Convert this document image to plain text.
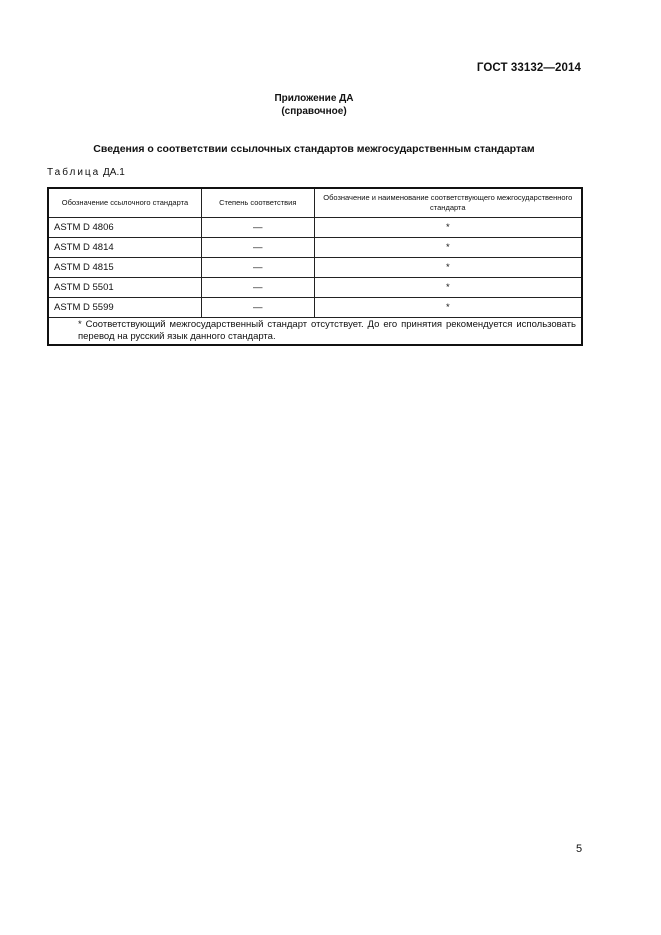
ГОСТ 33132—2014
Приложение ДА
(справочное)
Сведения о соответствии ссылочных стандартов межгосударственным стандартам
Таблица ДА.1
Обозначение ссылочного стандарта	Степень соответствия	Обозначение и наименование соответствующего межгосударственного стандарта
ASTM D 4806	—	*
ASTM D 4814	—	*
ASTM D 4815	—	*
ASTM D 5501	—	*
ASTM D 5599	—	*

* Соответствующий межгосударственный стандарт отсутствует. До его принятия рекомендуется использовать перевод на русский язык данного стандарта.		
5
